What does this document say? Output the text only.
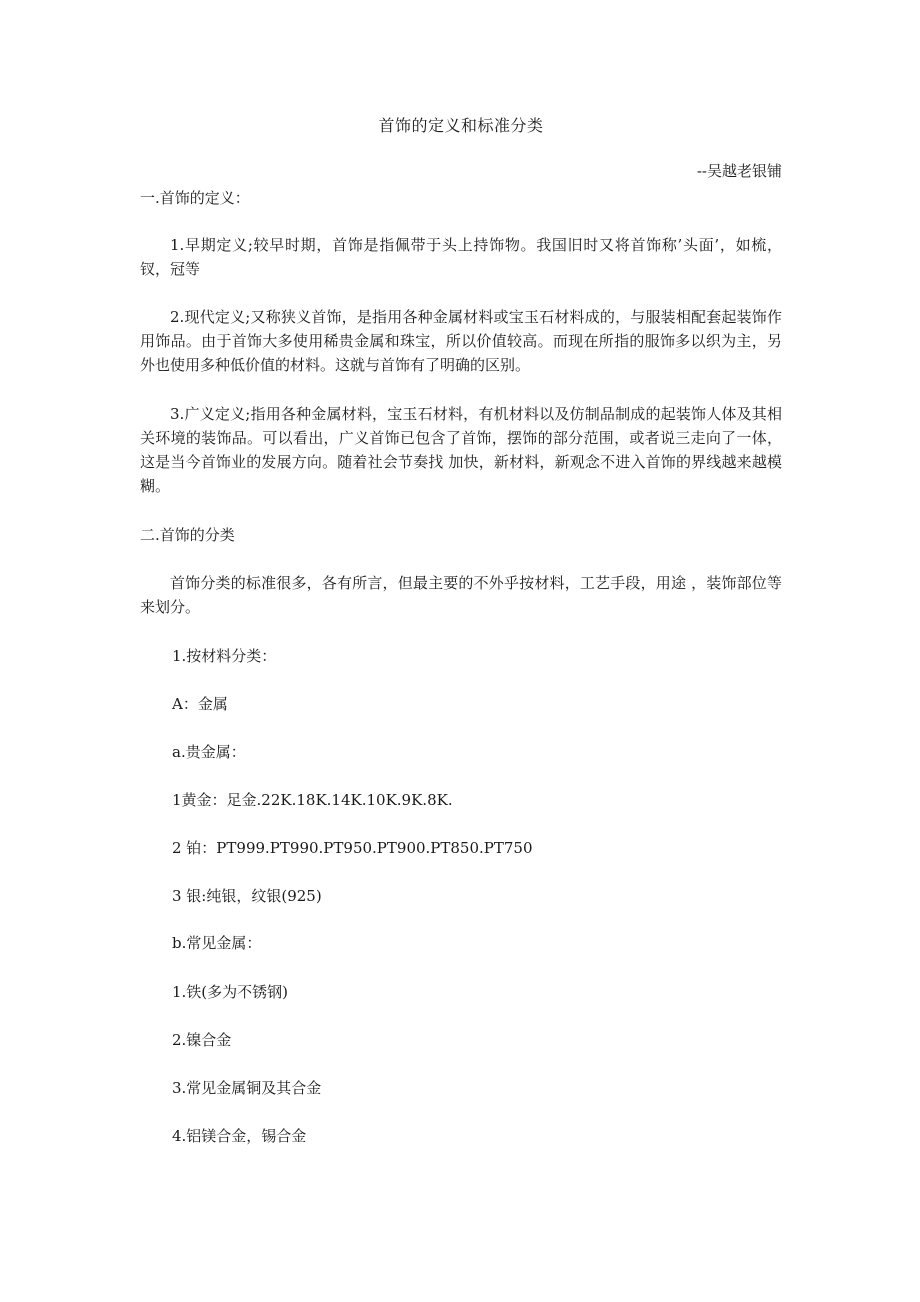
首饰的定义和标准分类
--吴越老银铺
一.首饰的定义：
1.早期定义;较早时期，首饰是指佩带于头上持饰物。我国旧时又将首饰称’头面’，如梳，钗，冠等
2.现代定义;又称狭义首饰，是指用各种金属材料或宝玉石材料成的，与服装相配套起装饰作用饰品。由于首饰大多使用稀贵金属和珠宝，所以价值较高。而现在所指的服饰多以织为主，另外也使用多种低价值的材料。这就与首饰有了明确的区别。
3.广义定义;指用各种金属材料，宝玉石材料，有机材料以及仿制品制成的起装饰人体及其相关环境的装饰品。可以看出，广义首饰已包含了首饰，摆饰的部分范围，或者说三走向了一体，这是当今首饰业的发展方向。随着社会节奏找 加快，新材料，新观念不进入首饰的界线越来越模糊。
二.首饰的分类
首饰分类的标准很多，各有所言，但最主要的不外乎按材料，工艺手段，用途 ，装饰部位等来划分。
1.按材料分类：
A：金属
a.贵金属：
1黄金：足金.22K.18K.14K.10K.9K.8K.
2 铂：PT999.PT990.PT950.PT900.PT850.PT750
3 银:纯银，纹银(925)
b.常见金属：
1.铁(多为不锈钢)
2.镍合金
3.常见金属铜及其合金
4.铝镁合金，锡合金
